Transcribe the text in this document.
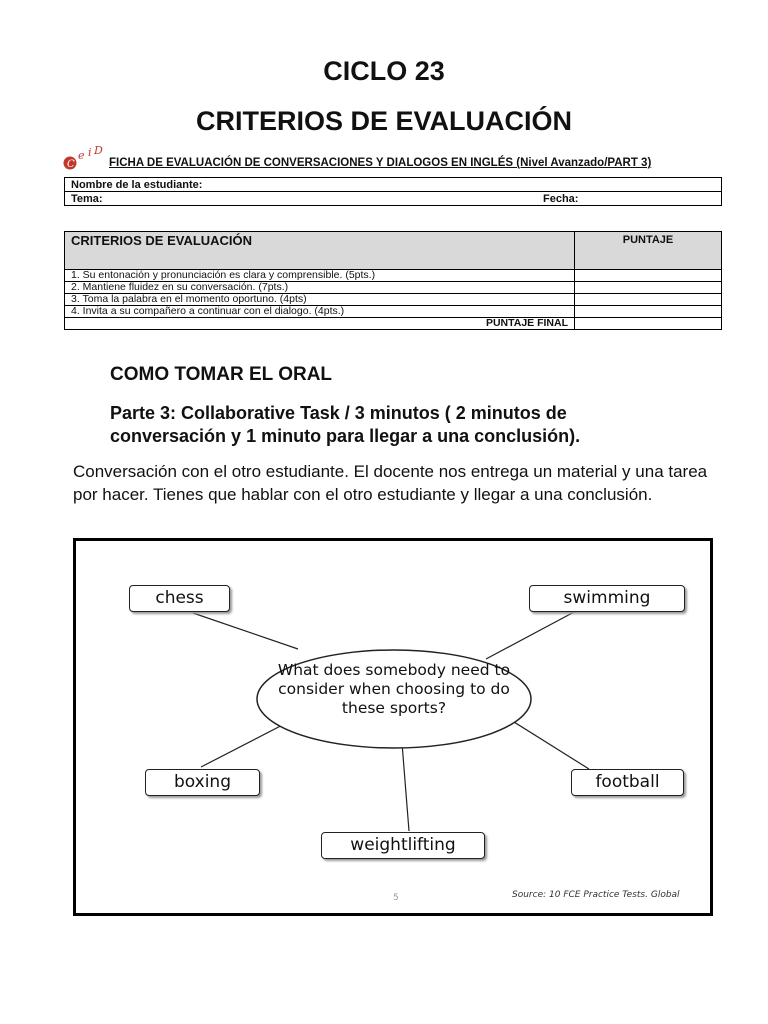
CICLO 23
CRITERIOS DE EVALUACIÓN
C
e i D
FICHA DE EVALUACIÓN DE CONVERSACIONES Y DIALOGOS EN INGLÉS (Nivel Avanzado/PART 3)
Nombre de la estudiante:
Tema:	Fecha:
CRITERIOS DE EVALUACIÓN	PUNTAJE
1. Su entonación y pronunciación es clara y comprensible. (5pts.)	
2. Mantiene fluidez en su conversación. (7pts.)	
3. Toma la palabra en el momento oportuno. (4pts)	
4. Invita a su compañero a continuar con el dialogo. (4pts.)	
PUNTAJE FINAL	
COMO TOMAR EL ORAL
Parte 3: Collaborative Task / 3 minutos ( 2 minutos de conversación y 1 minuto para llegar a una conclusión).
Conversación con el otro estudiante. El docente nos entrega un material y una tarea por hacer. Tienes que hablar con el otro estudiante y llegar a una conclusión.
What does somebody need to consider when choosing to do these sports?
chess	swimming
boxing	football
weightlifting
5	Source: 10 FCE Practice Tests. Global
